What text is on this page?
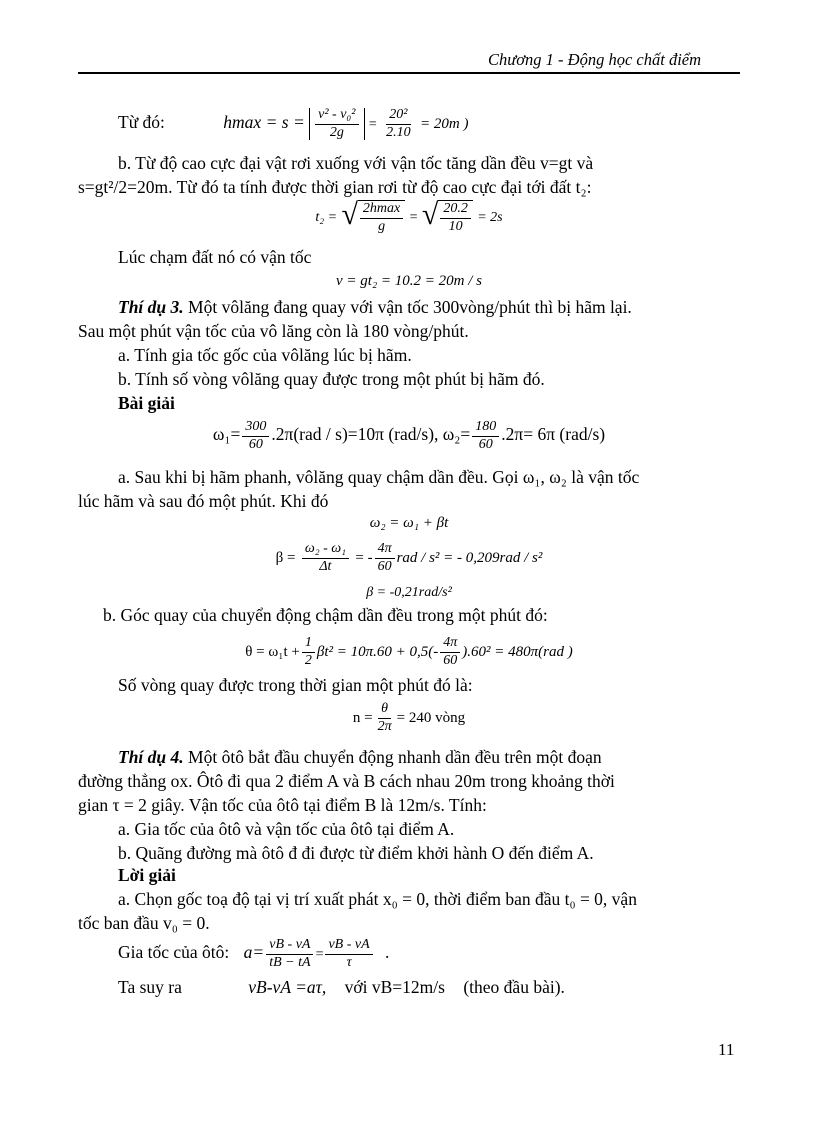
Chương 1 - Động học chất điểm
Từ đó:	$hmax = s = \frac{\text{v² - v₀²}}{2g} = \frac{\text{20²}}{2.10} = 20m$ )
b. Từ độ cao cực đại vật rơi xuống với vận tốc tăng dần đều v=gt và
s=gt²/2=20m. Từ đó ta tính được thời gian rơi từ độ cao cực đại tới đất t₂:
t₂ = √ $\frac{2hmax}{g}$ = √ $\frac{20.2}{10} = 2s$
Lúc chạm đất nó có vận tốc
v = gt₂ = 10.2 = 20m / s
Thí dụ 3. Một vôlăng đang quay với vận tốc 300vòng/phút thì bị hãm lại.
Sau một phút vận tốc của vô lăng còn là 180 vòng/phút.
a. Tính gia tốc gốc của vôlăng lúc bị hãm.
b. Tính số vòng vôlăng quay được trong một phút bị hãm đó.
Bài giải
$\omega_1= \frac{300}{60} .2\pi(rad / s)=10\pi$ (rad/s), $\omega_2= \frac{180}{60} .2\pi= 6\pi$ (rad/s)
a. Sau khi bị hãm phanh, vôlăng quay chậm dần đều. Gọi ω₁, ω₂ là vận tốc
lúc hãm và sau đó một phút. Khi đó
ω₂ = ω₁ + βt
$\beta = \frac{\text{ω₂ - ω₁}}{\Delta t}$ = - $\frac{4\pi}{60}$ rad / s² = - 0,209rad / s²
β = -0,21rad/s²
b. Góc quay của chuyển động chậm dần đều trong một phút đó:
$\theta = \omega_1t + \frac{1}{2} \beta t^2 = 10\pi.60 + 0,5(- \frac{4\pi}{60} ).60^2 = 480\pi(rad$ )
Số vòng quay được trong thời gian một phút đó là:
$n = \frac{\theta}{2\pi} = 240$ vòng
Thí dụ 4. Một ôtô bắt đầu chuyển động nhanh dần đều trên một đoạn
đường thẳng ox. Ôtô đi qua 2 điểm A và B cách nhau 20m trong khoảng thời
gian τ = 2 giây. Vận tốc của ôtô tại điểm B là 12m/s. Tính:
a. Gia tốc của ôtô và vận tốc của ôtô tại điểm A.
b. Quãng đường mà ôtô đ đi được từ điểm khởi hành O đến điểm A.
Lời giải
a. Chọn gốc toạ độ tại vị trí xuất phát x₀ = 0, thời điểm ban đầu t₀ = 0, vận
tốc ban đầu v₀ = 0.
Gia tốc của ôtô: $a= \frac{vB - vA}{tB - tA} = \frac{vB - vA}{\tau}$ .
Ta suy ra	vB-vA =aτ, với vB=12m/s (theo đầu bài).
11
